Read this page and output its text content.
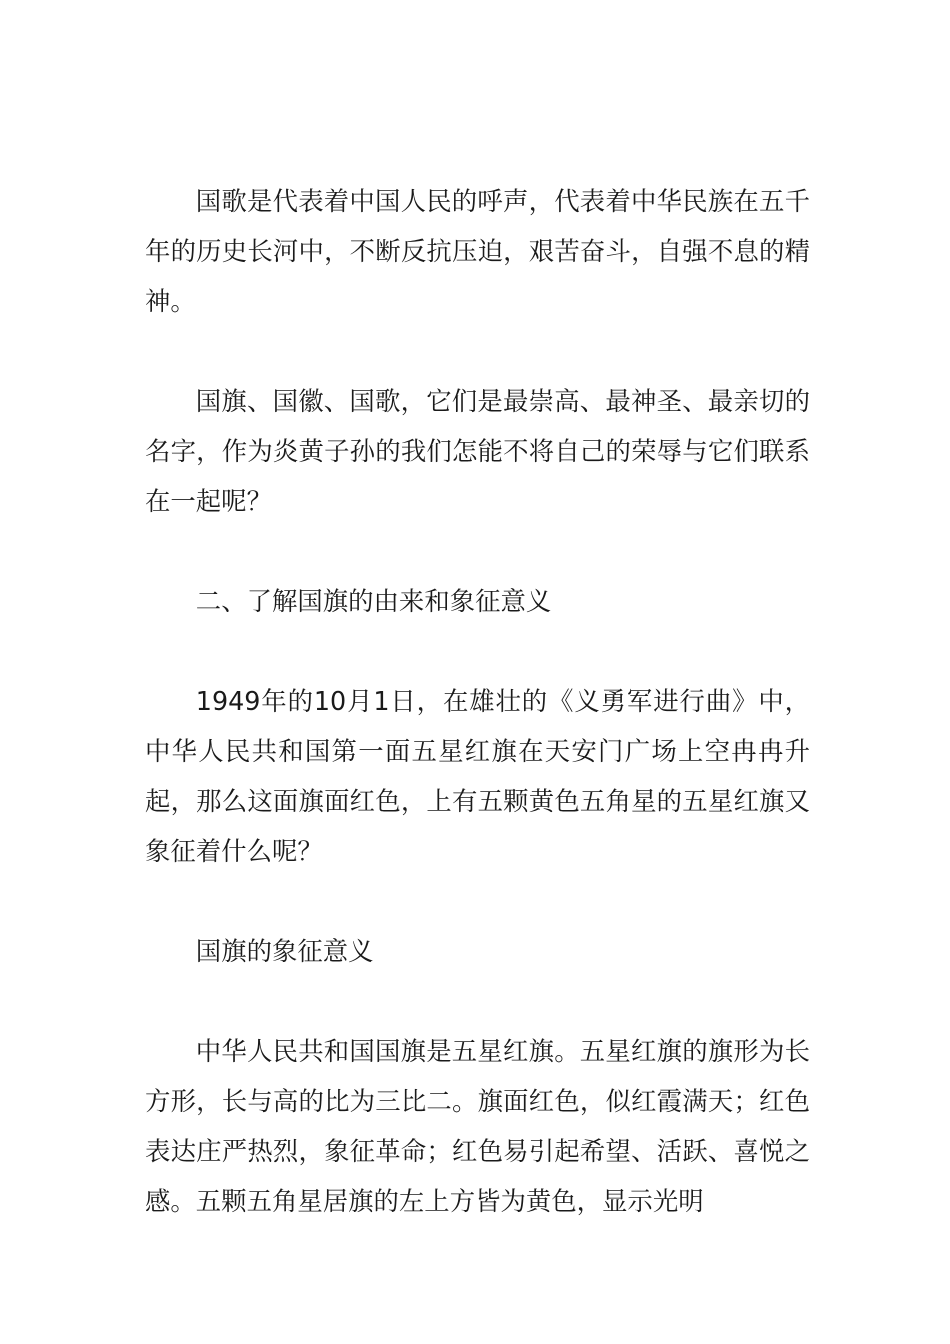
国歌是代表着中国人民的呼声，代表着中华民族在五千年的历史长河中，不断反抗压迫，艰苦奋斗，自强不息的精神。

国旗、国徽、国歌，它们是最崇高、最神圣、最亲切的名字，作为炎黄子孙的我们怎能不将自己的荣辱与它们联系在一起呢？

二、了解国旗的由来和象征意义

1949年的10月1日，在雄壮的《义勇军进行曲》中，中华人民共和国第一面五星红旗在天安门广场上空冉冉升起，那么这面旗面红色，上有五颗黄色五角星的五星红旗又象征着什么呢？

国旗的象征意义

中华人民共和国国旗是五星红旗。五星红旗的旗形为长方形，长与高的比为三比二。旗面红色，似红霞满天；红色表达庄严热烈，象征革命；红色易引起希望、活跃、喜悦之感。五颗五角星居旗的左上方皆为黄色，显示光明
